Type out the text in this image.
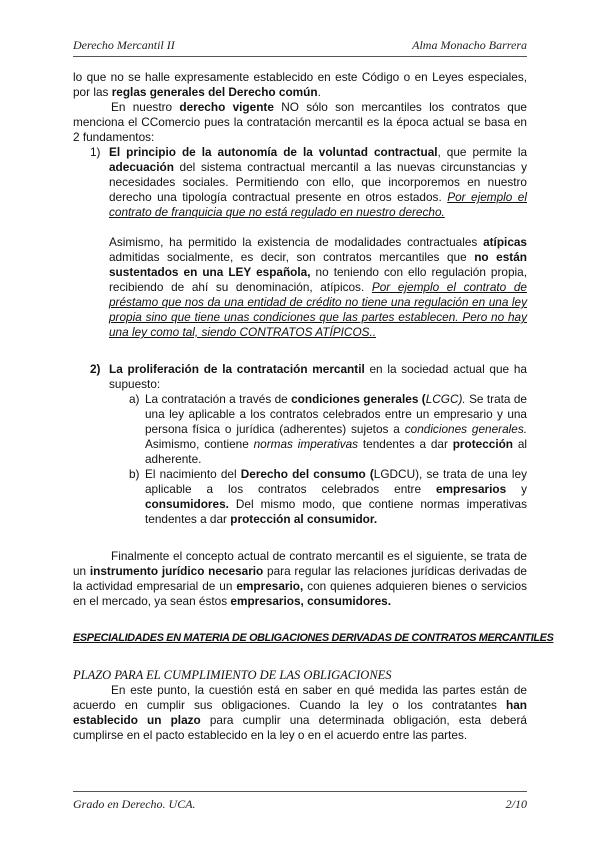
Derecho Mercantil II	Alma Monacho Barrera

lo que no se halle expresamente establecido en este Código o en Leyes especiales, por las reglas generales del Derecho común.

En nuestro derecho vigente NO sólo son mercantiles los contratos que menciona el CComercio pues la contratación mercantil es la época actual se basa en 2 fundamentos:

1) El principio de la autonomía de la voluntad contractual, que permite la adecuación del sistema contractual mercantil a las nuevas circunstancias y necesidades sociales. Permitiendo con ello, que incorporemos en nuestro derecho una tipología contractual presente en otros estados. Por ejemplo el contrato de franquicia que no está regulado en nuestro derecho.

Asimismo, ha permitido la existencia de modalidades contractuales atípicas admitidas socialmente, es decir, son contratos mercantiles que no están sustentados en una LEY española, no teniendo con ello regulación propia, recibiendo de ahí su denominación, atípicos. Por ejemplo el contrato de préstamo que nos da una entidad de crédito no tiene una regulación en una ley propia sino que tiene unas condiciones que las partes establecen. Pero no hay una ley como tal, siendo CONTRATOS ATÍPICOS..

2) La proliferación de la contratación mercantil en la sociedad actual que ha supuesto:

a) La contratación a través de condiciones generales (LCGC). Se trata de una ley aplicable a los contratos celebrados entre un empresario y una persona física o jurídica (adherentes) sujetos a condiciones generales. Asimismo, contiene normas imperativas tendentes a dar protección al adherente.

b) El nacimiento del Derecho del consumo (LGDCU), se trata de una ley aplicable a los contratos celebrados entre empresarios y consumidores. Del mismo modo, que contiene normas imperativas tendentes a dar protección al consumidor.

Finalmente el concepto actual de contrato mercantil es el siguiente, se trata de un instrumento jurídico necesario para regular las relaciones jurídicas derivadas de la actividad empresarial de un empresario, con quienes adquieren bienes o servicios en el mercado, ya sean éstos empresarios, consumidores.

ESPECIALIDADES EN MATERIA DE OBLIGACIONES DERIVADAS DE CONTRATOS MERCANTILES
PLAZO PARA EL CUMPLIMIENTO DE LAS OBLIGACIONES

En este punto, la cuestión está en saber en qué medida las partes están de acuerdo en cumplir sus obligaciones. Cuando la ley o los contratantes han establecido un plazo para cumplir una determinada obligación, esta deberá cumplirse en el pacto establecido en la ley o en el acuerdo entre las partes.

Grado en Derecho. UCA.	2/10
